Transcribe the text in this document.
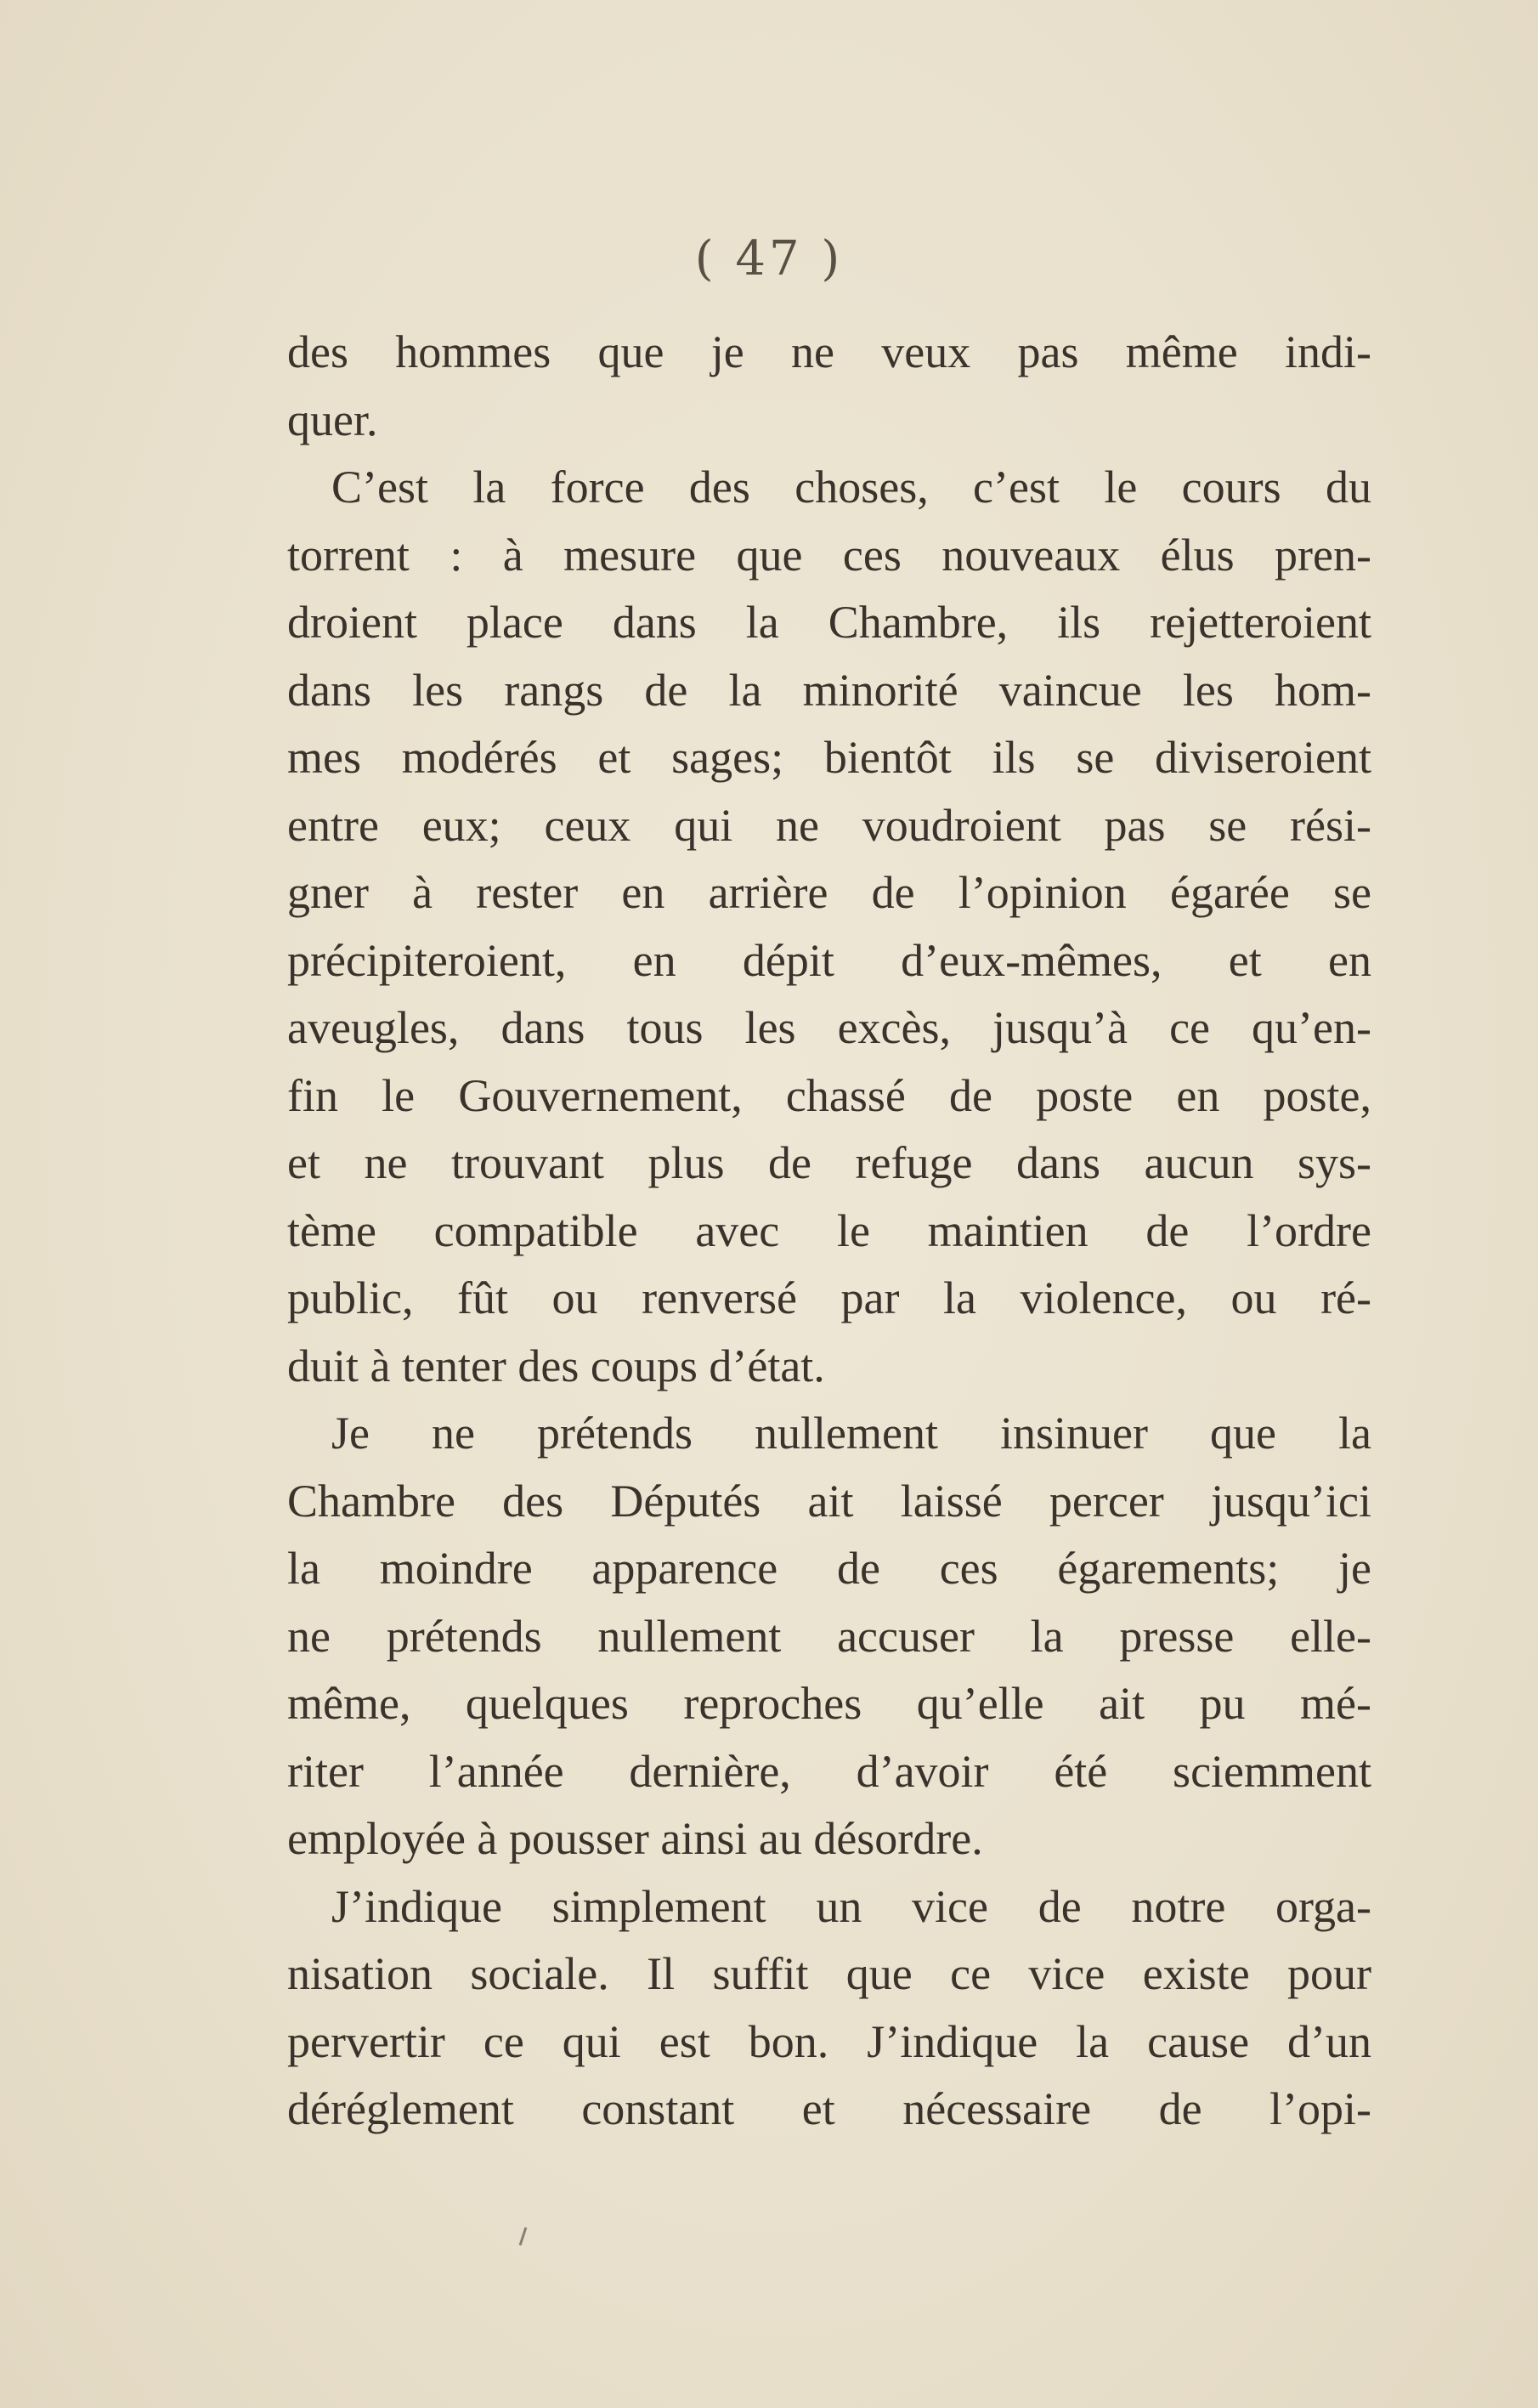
( 47 )
des hommes que je ne veux pas même indi-
quer.
C’est la force des choses, c’est le cours du
torrent : à mesure que ces nouveaux élus pren-
droient place dans la Chambre, ils rejetteroient
dans les rangs de la minorité vaincue les hom-
mes modérés et sages; bientôt ils se diviseroient
entre eux; ceux qui ne voudroient pas se rési-
gner à rester en arrière de l’opinion égarée se
précipiteroient, en dépit d’eux-mêmes, et en
aveugles, dans tous les excès, jusqu’à ce qu’en-
fin le Gouvernement, chassé de poste en poste,
et ne trouvant plus de refuge dans aucun sys-
tème compatible avec le maintien de l’ordre
public, fût ou renversé par la violence, ou ré-
duit à tenter des coups d’état.
Je ne prétends nullement insinuer que la
Chambre des Députés ait laissé percer jusqu’ici
la moindre apparence de ces égarements; je
ne prétends nullement accuser la presse elle-
même, quelques reproches qu’elle ait pu mé-
riter l’année dernière, d’avoir été sciemment
employée à pousser ainsi au désordre.
J’indique simplement un vice de notre orga-
nisation sociale. Il suffit que ce vice existe pour
pervertir ce qui est bon. J’indique la cause d’un
déréglement constant et nécessaire de l’opi-
